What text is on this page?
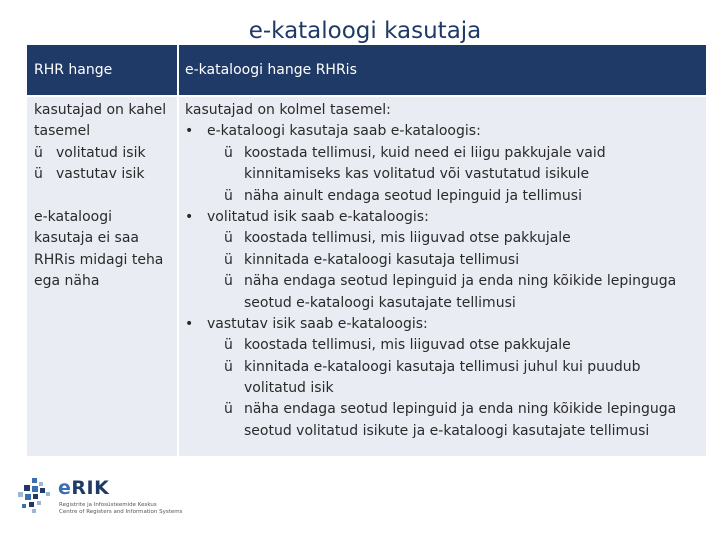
e-kataloogi kasutaja
RHR hange	e-kataloogi hange RHRis
kasutajad on kahel
tasemel
ü volitatud isik
ü vastutav isik
e-kataloogi
kasutaja ei saa
RHRis midagi teha
ega näha
kasutajad on kolmel tasemel:
• e-kataloogi kasutaja saab e-kataloogis:
ü koostada tellimusi, kuid need ei liigu pakkujale vaid
kinnitamiseks kas volitatud või vastutatud isikule
ü näha ainult endaga seotud lepinguid ja tellimusi
• volitatud isik saab e-kataloogis:
ü koostada tellimusi, mis liiguvad otse pakkujale
ü kinnitada e-kataloogi kasutaja tellimusi
ü näha endaga seotud lepinguid ja enda ning kõikide lepinguga
seotud e-kataloogi kasutajate tellimusi
• vastutav isik saab e-kataloogis:
ü koostada tellimusi, mis liiguvad otse pakkujale
ü kinnitada e-kataloogi kasutaja tellimusi juhul kui puudub
volitatud isik
ü näha endaga seotud lepinguid ja enda ning kõikide lepinguga
seotud volitatud isikute ja e-kataloogi kasutajate tellimusi
eRIK
Registrite ja Infosüsteemide Keskus
Centre of Registers and Information Systems
